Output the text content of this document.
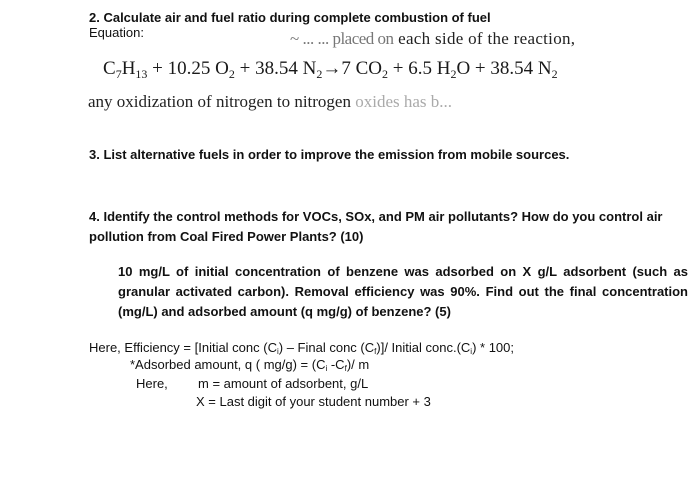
2. Calculate air and fuel ratio during complete combustion of fuel
Equation:	~ ... ... placed on each side of the reaction,
$C_7H_{13} + 10.25$ $O_2 + 38.54$ $N_2\to 7$ $CO_2 + 6.5$ $H_2O + 38.54$ $N_2$
any oxidization of nitrogen to nitrogen oxides has b...
3. List alternative fuels in order to improve the emission from mobile sources.
4. Identify the control methods for VOCs, SOx, and PM air pollutants? How do you control air pollution from Coal Fired Power Plants? (10)
10 mg/L of initial concentration of benzene was adsorbed on X g/L adsorbent (such as granular activated carbon). Removal efficiency was 90%. Find out the final concentration (mg/L) and adsorbed amount (q mg/g) of benzene? (5)
Here, Efficiency = [Initial conc $(C_i)$ – Final conc $(C_f)]/$ Initial $conc.(C_i) * 100$;
*Adsorbed amount, q ( $mg/g) = (C_i$ $-C_f)/$ m
Here, m = amount of adsorbent, g/L
X = Last digit of your student number + 3
